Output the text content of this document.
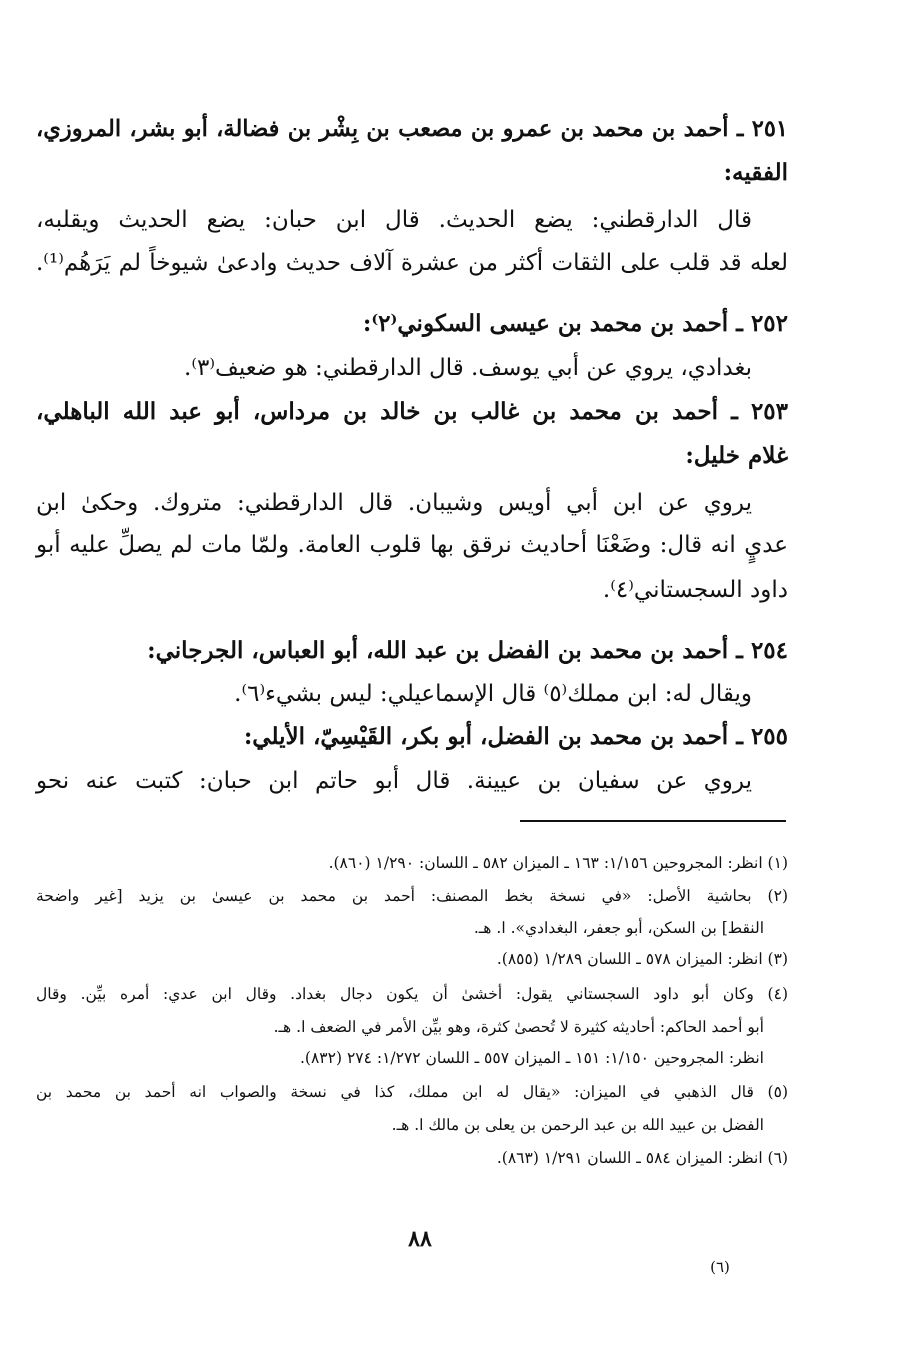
٢٥١ ـ أحمد بن محمد بن عمرو بن مصعب بن بِشْر بن فضالة، أبو بشر، المروزي،
الفقيه:
قال الدارقطني: يضع الحديث. قال ابن حبان: يضع الحديث ويقلبه،
لعله قد قلب على الثقات أكثر من عشرة آلاف حديث وادعىٰ شيوخاً لم يَرَهُم⁽¹⁾.
٢٥٢ ـ أحمد بن محمد بن عيسى السكوني⁽٢⁾:
بغدادي، يروي عن أبي يوسف. قال الدارقطني: هو ضعيف⁽٣⁾.
٢٥٣ ـ أحمد بن محمد بن غالب بن خالد بن مرداس، أبو عبد الله الباهلي،
غلام خليل:
يروي عن ابن أبي أويس وشيبان. قال الدارقطني: متروك. وحكىٰ ابن
عديٍ انه قال: وضَعْنَا أحاديث نرقق بها قلوب العامة. ولمّا مات لم يصلِّ عليه أبو
داود السجستاني⁽٤⁾.
٢٥٤ ـ أحمد بن محمد بن الفضل بن عبد الله، أبو العباس، الجرجاني:
ويقال له: ابن مملك⁽٥⁾ قال الإسماعيلي: ليس بشيء⁽٦⁾.
٢٥٥ ـ أحمد بن محمد بن الفضل، أبو بكر، القَيْسِيّ، الأيلي:
يروي عن سفيان بن عيينة. قال أبو حاتم ابن حبان: كتبت عنه نحو
(١) انظر: المجروحين ١/١٥٦: ١٦٣ ـ الميزان ٥٨٢ ـ اللسان: ١/٢٩٠ (٨٦٠).
(٢) بحاشية الأصل: «في نسخة بخط المصنف: أحمد بن محمد بن عيسىٰ بن يزيد [غير واضحة
النقط] بن السكن، أبو جعفر، البغدادي». ا. هـ.
(٣) انظر: الميزان ٥٧٨ ـ اللسان ١/٢٨٩ (٨٥٥).
(٤) وكان أبو داود السجستاني يقول: أخشىٰ أن يكون دجال بغداد. وقال ابن عدي: أمره بيِّن. وقال
أبو أحمد الحاكم: أحاديثه كثيرة لا تُحصىٰ كثرة، وهو بيِّن الأمر في الضعف ا. هـ.
انظر: المجروحين ١/١٥٠: ١٥١ ـ الميزان ٥٥٧ ـ اللسان ١/٢٧٢: ٢٧٤ (٨٣٢).
(٥) قال الذهبي في الميزان: «يقال له ابن مملك، كذا في نسخة والصواب انه أحمد بن محمد بن
الفضل بن عبيد الله بن عبد الرحمن بن يعلى بن مالك ا. هـ.
(٦) انظر: الميزان ٥٨٤ ـ اللسان ١/٢٩١ (٨٦٣).
٨٨
(٦)
